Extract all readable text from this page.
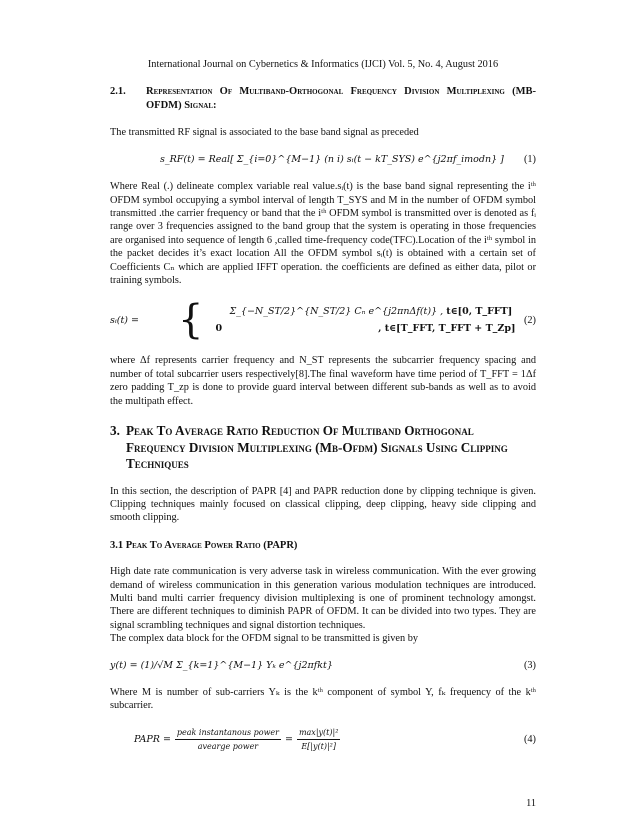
International Journal on Cybernetics & Informatics (IJCI) Vol. 5, No. 4, August 2016
2.1.	Representation Of Multiband-Orthogonal Frequency Division Multiplexing (MB-OFDM) Signal:

The transmitted RF signal is associated to the base band signal as preceded

s_RF(t) = Real[ Σ_{i=0}^{M−1} (n i) sᵢ(t − kT_SYS) e^{j2πf_imodn} ]	(1)

Where Real (.) delineate complex variable real value.sᵢ(t) is the base band signal representing the iᵗʰ OFDM symbol occupying a symbol interval of length T_SYS and M in the number of OFDM symbol transmitted .the carrier frequency or band that the iᵗʰ OFDM symbol is transmitted over is denoted as fᵢ range over 3 frequencies assigned to the band group that the system is operating in those frequencies are organised into sequence of length 6 ,called time-frequency code(TFC).Location of the iᵗʰ symbol in the packet decides it’s exact location All the OFDM symbol sᵢ(t) is obtained with a certain set of Coefficients Cₙ which are applied IFFT operation. the coefficients are defined as either data, pilot or training symbols.

sᵢ(t) = {	Σ_{−N_ST/2}^{N_ST/2} Cₙ e^{j2πnΔf(t)} , t∈[0, T_FFT]
0	, t∈[T_FFT, T_FFT + T_Zp]
(2)

where Δf represents carrier frequency and N_ST represents the subcarrier frequency spacing and number of total subcarrier users respectively[8].The final waveform have time period of T_FFT = 1Δf zero padding T_zp is done to provide guard interval between different sub-bands as well as to avoid the multipath effect.

3. Peak To Average Ratio Reduction Of Multiband Orthogonal Frequency Division Multiplexing (Mb-Ofdm) Signals Using Clipping Techniques

In this section, the description of PAPR [4] and PAPR reduction done by clipping technique is given. Clipping techniques mainly focused on classical clipping, deep clipping, heavy side clipping and smooth clipping.

3.1 Peak To Average Power Ratio (PAPR)

High date rate communication is very adverse task in wireless communication. With the ever growing demand of wireless communication in this generation various modulation techniques are introduced. Multi band multi carrier frequency division multiplexing is one of prominent technology amongst. There are different techniques to diminish PAPR of OFDM. It can be divided into two types. They are signal scrambling techniques and signal distortion techniques.

The complex data block for the OFDM signal to be transmitted is given by

y(t) = (1)/√M Σ_{k=1}^{M−1} Yₖ e^{j2πfkt}	(3)

Where M is number of sub-carriers Yₖ is the kᵗʰ component of symbol Y, fₖ frequency of the kᵗʰ subcarrier.

PAPR = $\frac{\text{peak instantanous power}}{\text{avearge power}} = \frac{\text{max|y(t)|²}}{\text{E[|y(t)|²]}}$	(4)
11
